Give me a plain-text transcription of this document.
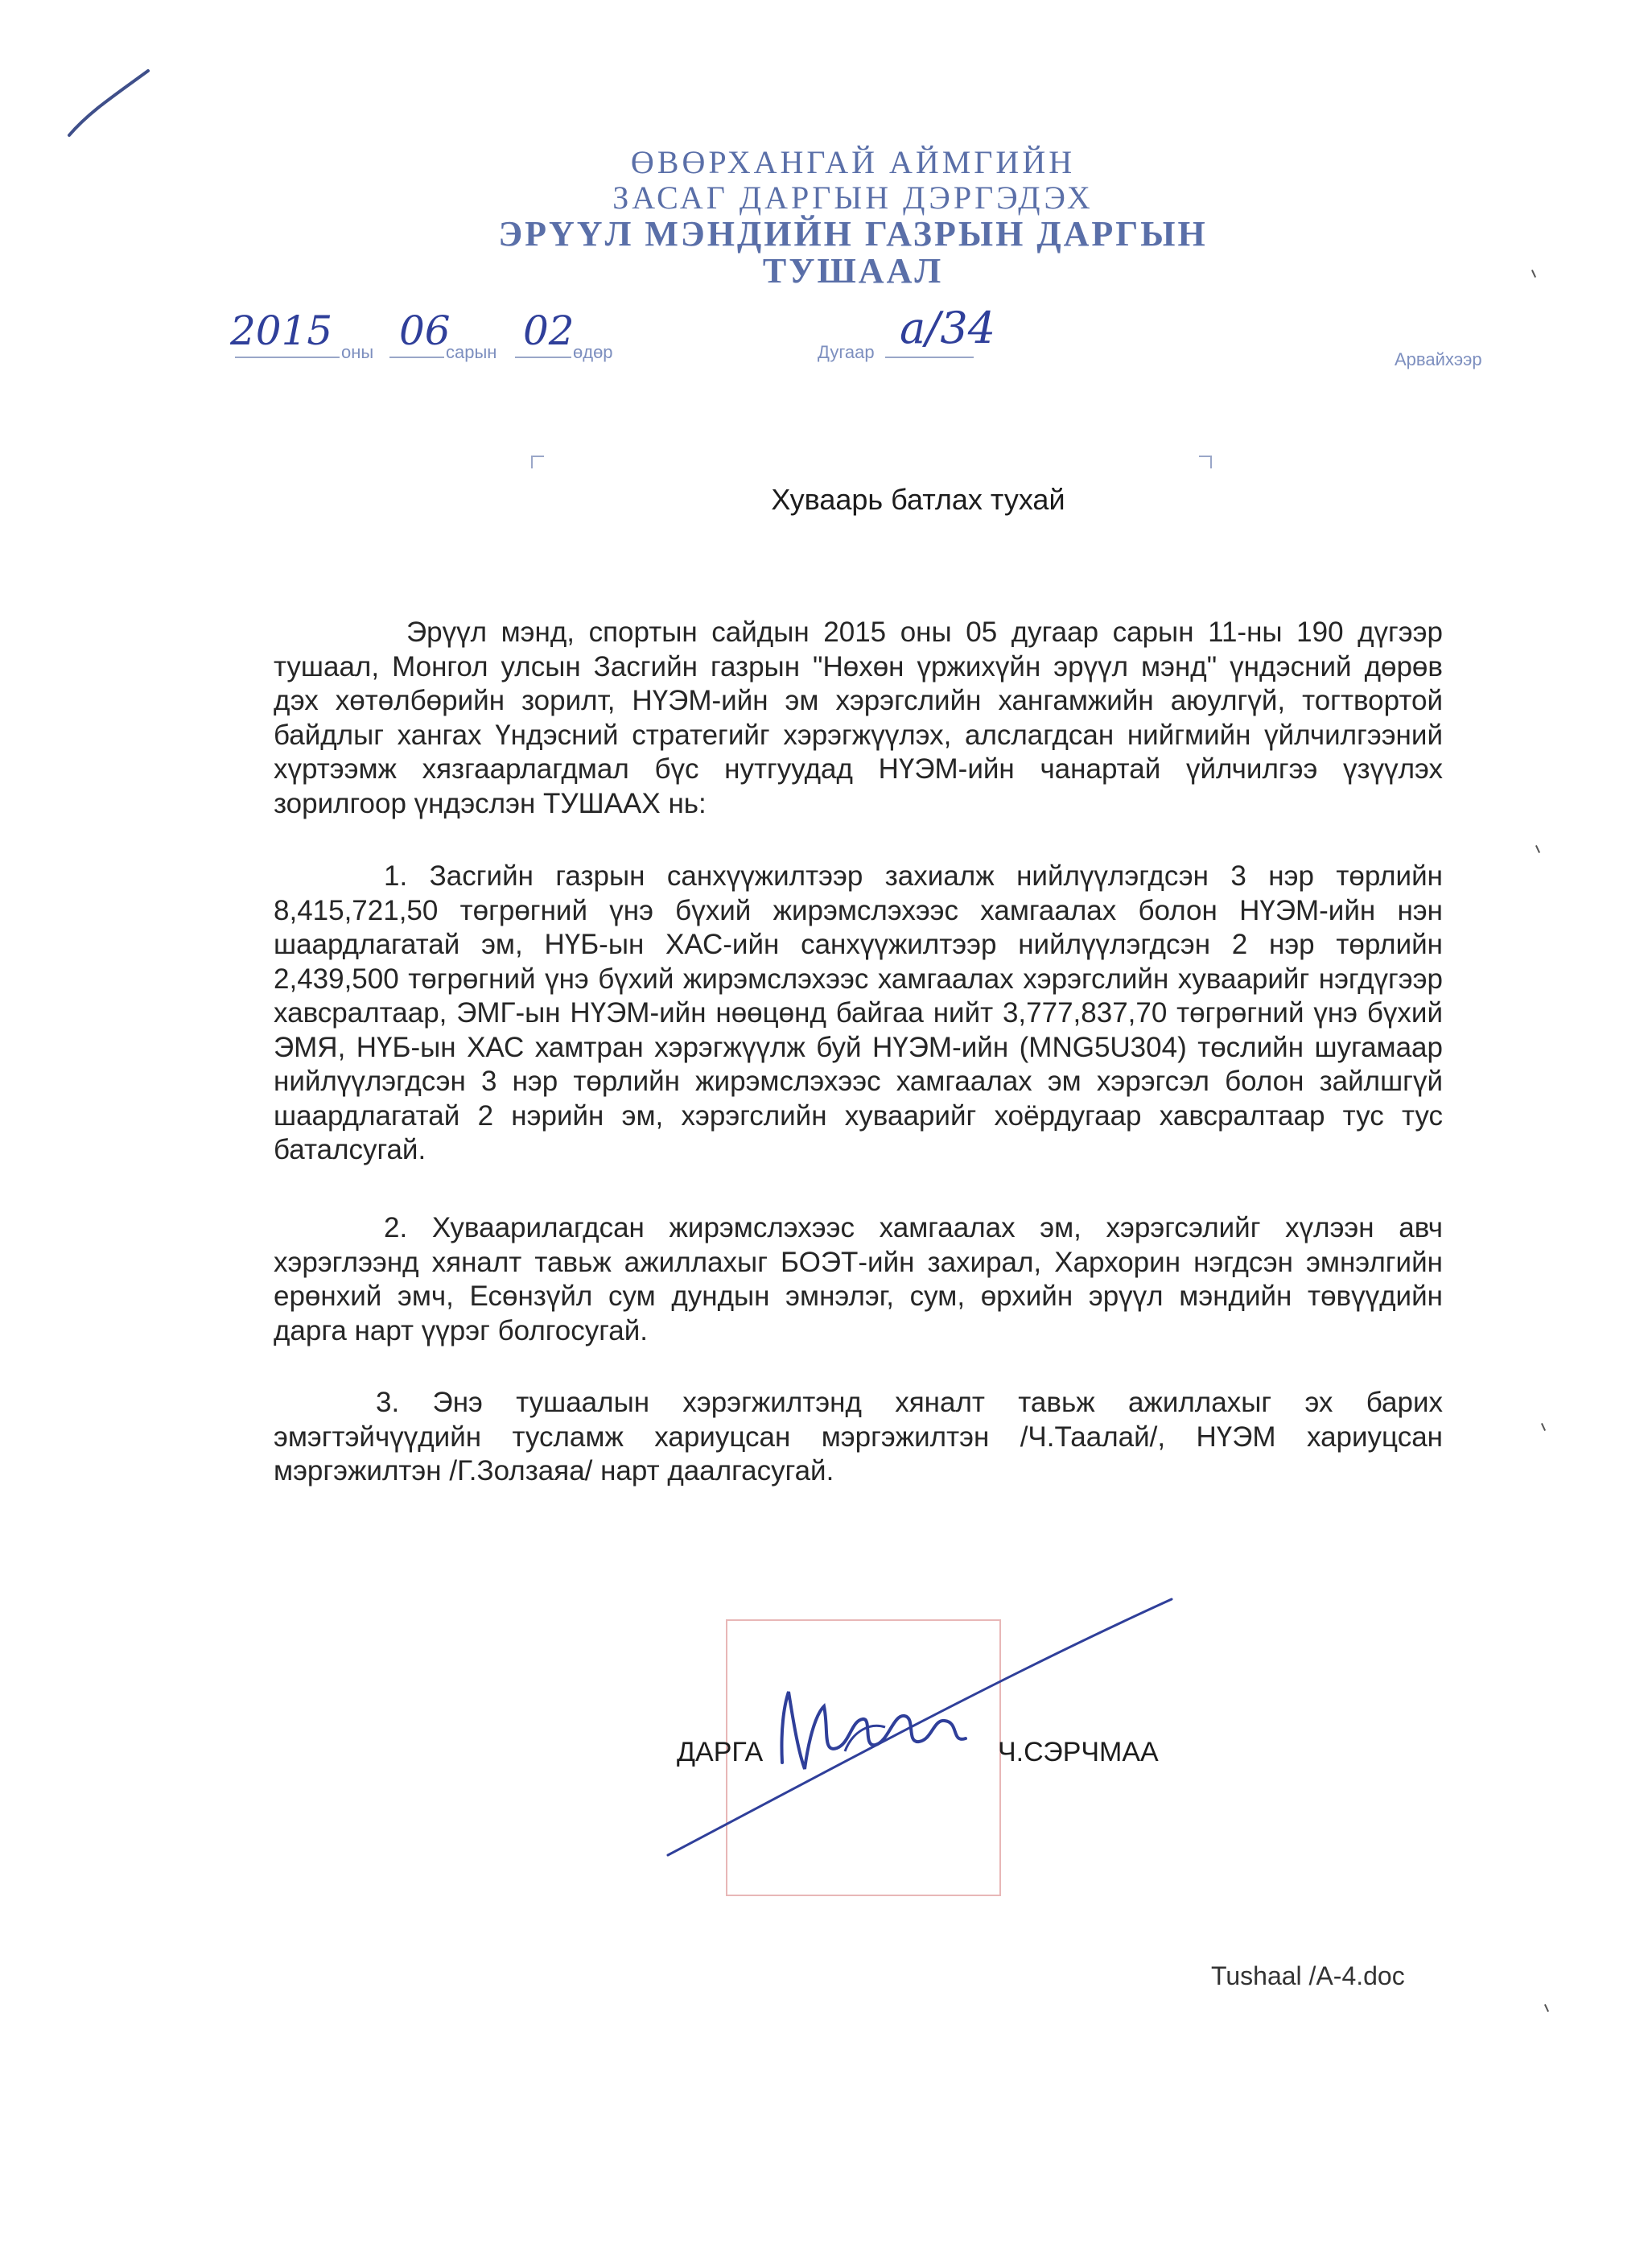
ӨВӨРХАНГАЙ АЙМГИЙН
ЗАСАГ ДАРГЫН ДЭРГЭДЭХ
ЭРҮҮЛ МЭНДИЙН ГАЗРЫН ДАРГЫН
ТУШААЛ
2015 оны 06
сарын 02
өдөр	Дугаар а/34
Арвайхээр
Хуваарь батлах тухай
Эрүүл мэнд, спортын сайдын 2015 оны 05 дугаар сарын 11-ны 190 дүгээр тушаал, Монгол улсын Засгийн газрын "Нөхөн үржихүйн эрүүл мэнд" үндэсний дөрөв дэх хөтөлбөрийн зорилт, НҮЭМ-ийн эм хэрэгслийн хангамжийн аюулгүй, тогтвортой байдлыг хангах Үндэсний стратегийг хэрэгжүүлэх, алслагдсан нийгмийн үйлчилгээний хүртээмж хязгаарлагдмал бүс нутгуудад НҮЭМ-ийн чанартай үйлчилгээ үзүүлэх зорилгоор үндэслэн ТУШААХ нь:
1. Засгийн газрын санхүүжилтээр захиалж нийлүүлэгдсэн 3 нэр төрлийн 8,415,721,50 төгрөгний үнэ бүхий жирэмслэхээс хамгаалах болон НҮЭМ-ийн нэн шаардлагатай эм, НҮБ-ын ХАС-ийн санхүүжилтээр нийлүүлэгдсэн 2 нэр төрлийн 2,439,500 төгрөгний үнэ бүхий жирэмслэхээс хамгаалах хэрэгслийн хуваарийг нэгдүгээр хавсралтаар, ЭМГ-ын НҮЭМ-ийн нөөцөнд байгаа нийт 3,777,837,70 төгрөгний үнэ бүхий ЭМЯ, НҮБ-ын ХАС хамтран хэрэгжүүлж буй НҮЭМ-ийн (MNG5U304) төслийн шугамаар нийлүүлэгдсэн 3 нэр төрлийн жирэмслэхээс хамгаалах эм хэрэгсэл болон зайлшгүй шаардлагатай 2 нэрийн эм, хэрэгслийн хуваарийг хоёрдугаар хавсралтаар тус тус баталсугай.
2. Хуваарилагдсан жирэмслэхээс хамгаалах эм, хэрэгсэлийг хүлээн авч хэрэглээнд хяналт тавьж ажиллахыг БОЭТ-ийн захирал, Хархорин нэгдсэн эмнэлгийн ерөнхий эмч, Есөнзүйл сум дундын эмнэлэг, сум, өрхийн эрүүл мэндийн төвүүдийн дарга нарт үүрэг болгосугай.
3. Энэ тушаалын хэрэгжилтэнд хяналт тавьж ажиллахыг эх барих эмэгтэйчүүдийн тусламж хариуцсан мэргэжилтэн /Ч.Таалай/, НҮЭМ хариуцсан мэргэжилтэн /Г.Золзаяа/ нарт даалгасугай.
ДАРГА	Ч.СЭРЧМАА
Tushaal /A-4.doc
